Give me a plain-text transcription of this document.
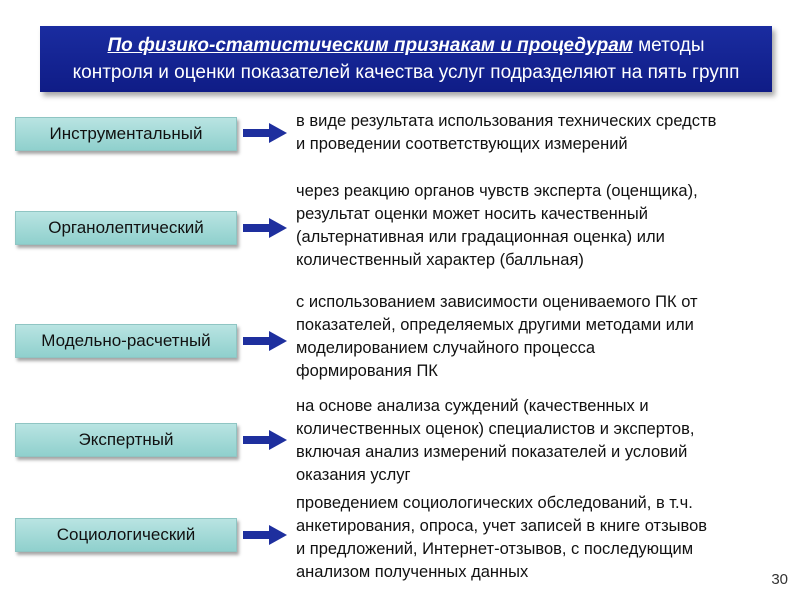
По физико-статистическим признакам и процедурам методы
контроля и оценки показателей качества услуг подразделяют на пять групп
Инструментальный
в виде результата использования технических средств
и проведении соответствующих измерений
Органолептический
через реакцию органов чувств эксперта (оценщика),
результат оценки может носить качественный
(альтернативная или градационная оценка) или
количественный характер (балльная)
Модельно-расчетный
с использованием зависимости оцениваемого ПК от
показателей, определяемых другими методами или
моделированием случайного процесса
формирования ПК
Экспертный
на основе анализа суждений (качественных и
количественных оценок) специалистов и экспертов,
включая анализ измерений показателей и условий
оказания услуг
Социологический
проведением социологических обследований, в т.ч.
анкетирования, опроса, учет записей в книге отзывов
и предложений, Интернет-отзывов, с последующим
анализом полученных данных	30
